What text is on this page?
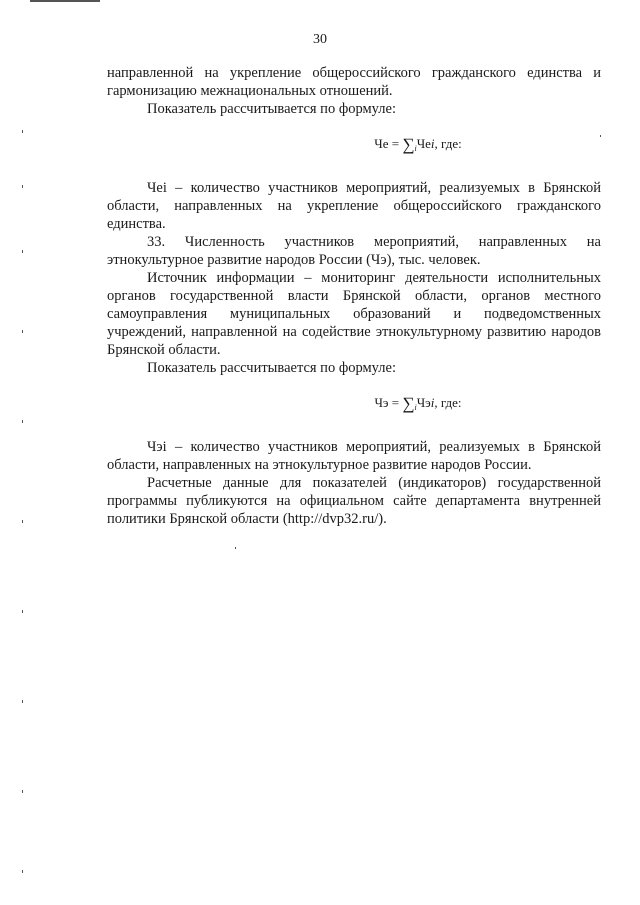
30

направленной на укрепление общероссийского гражданского единства и гармонизацию межнациональных отношений.

Показатель рассчитывается по формуле:

Че = $\sum_iЧеi$, где:

Чеi – количество участников мероприятий, реализуемых в Брянской области, направленных на укрепление общероссийского гражданского единства.

33. Численность участников мероприятий, направленных на этнокультурное развитие народов России (Чэ), тыс. человек.

Источник информации – мониторинг деятельности исполнительных органов государственной власти Брянской области, органов местного самоуправления муниципальных образований и подведомственных учреждений, направленной на содействие этнокультурному развитию народов Брянской области.

Показатель рассчитывается по формуле:

Чэ = $\sum_iЧэi$, где:

Чэi – количество участников мероприятий, реализуемых в Брянской области, направленных на этнокультурное развитие народов России.

Расчетные данные для показателей (индикаторов) государственной программы публикуются на официальном сайте департамента внутренней политики Брянской области (http://dvp32.ru/).
